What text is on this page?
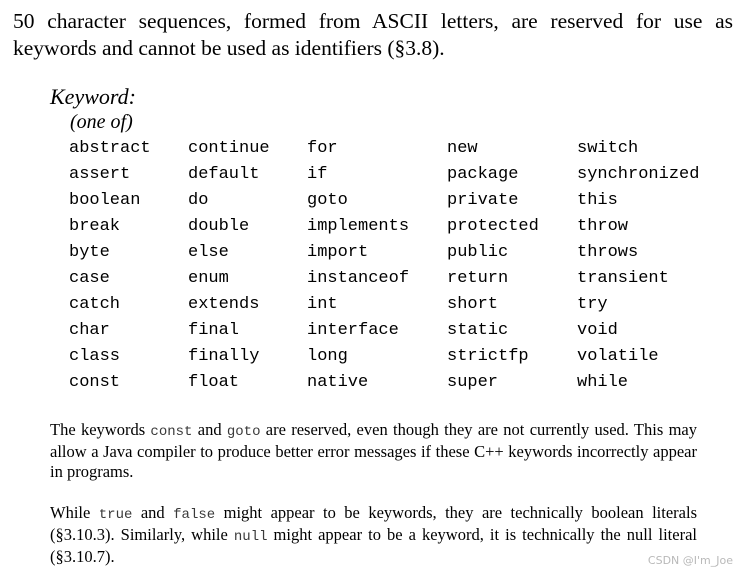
50 character sequences, formed from ASCII letters, are reserved for use as keywords and cannot be used as identifiers (§3.8).

Keyword:
(one of)
abstract	continue	for	new	switch
assert	default	if	package	synchronized
boolean	do	goto	private	this
break	double	implements	protected	throw
byte	else	import	public	throws
case	enum	instanceof	return	transient
catch	extends	int	short	try
char	final	interface	static	void
class	finally	long	strictfp	volatile
const	float	native	super	while

The keywords const and goto are reserved, even though they are not currently used. This may allow a Java compiler to produce better error messages if these C++ keywords incorrectly appear in programs.

While true and false might appear to be keywords, they are technically boolean literals (§3.10.3). Similarly, while null might appear to be a keyword, it is technically the null literal (§3.10.7).	CSDN @I'm_Joe
